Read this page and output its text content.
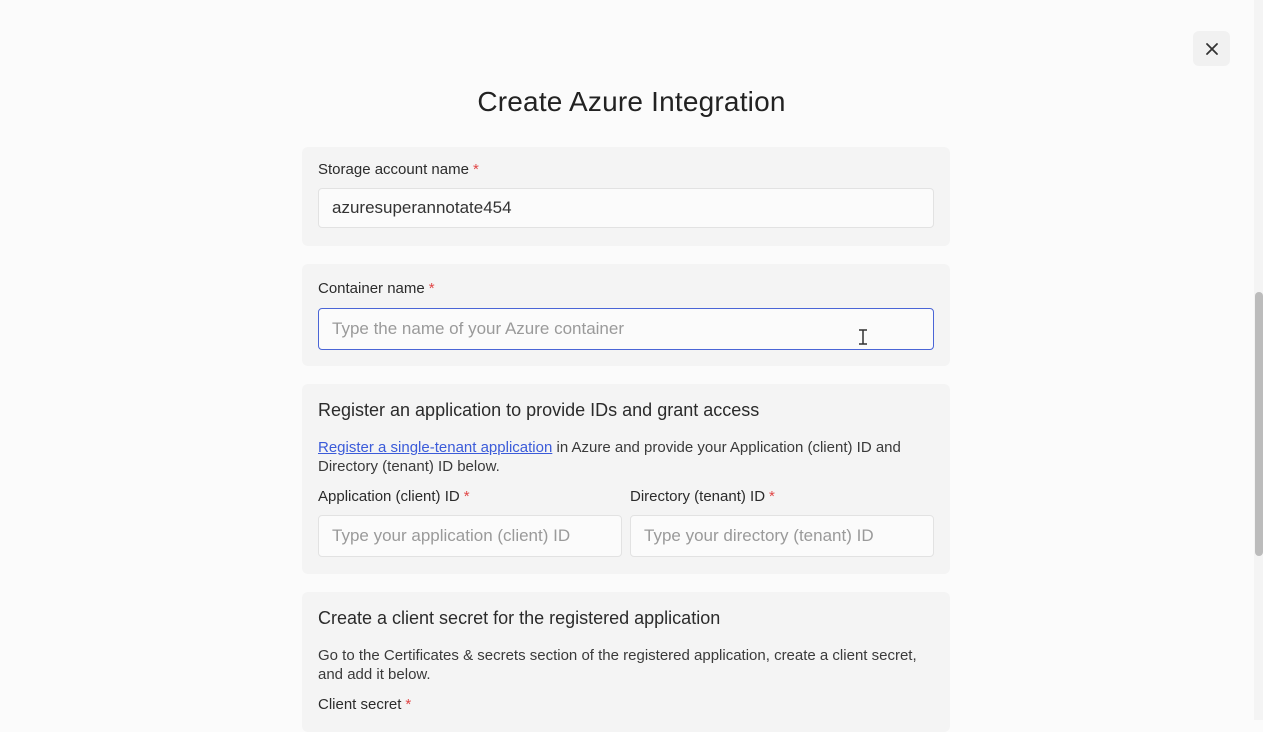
Create Azure Integration
Storage account name *
azuresuperannotate454
Container name *
Type the name of your Azure container
Register an application to provide IDs and grant access
Register a single-tenant application in Azure and provide your Application (client) ID and Directory (tenant) ID below.
Application (client) ID *	Directory (tenant) ID *
Type your application (client) ID
Type your directory (tenant) ID
Create a client secret for the registered application
Go to the Certificates & secrets section of the registered application, create a client secret, and add it below.
Client secret *
